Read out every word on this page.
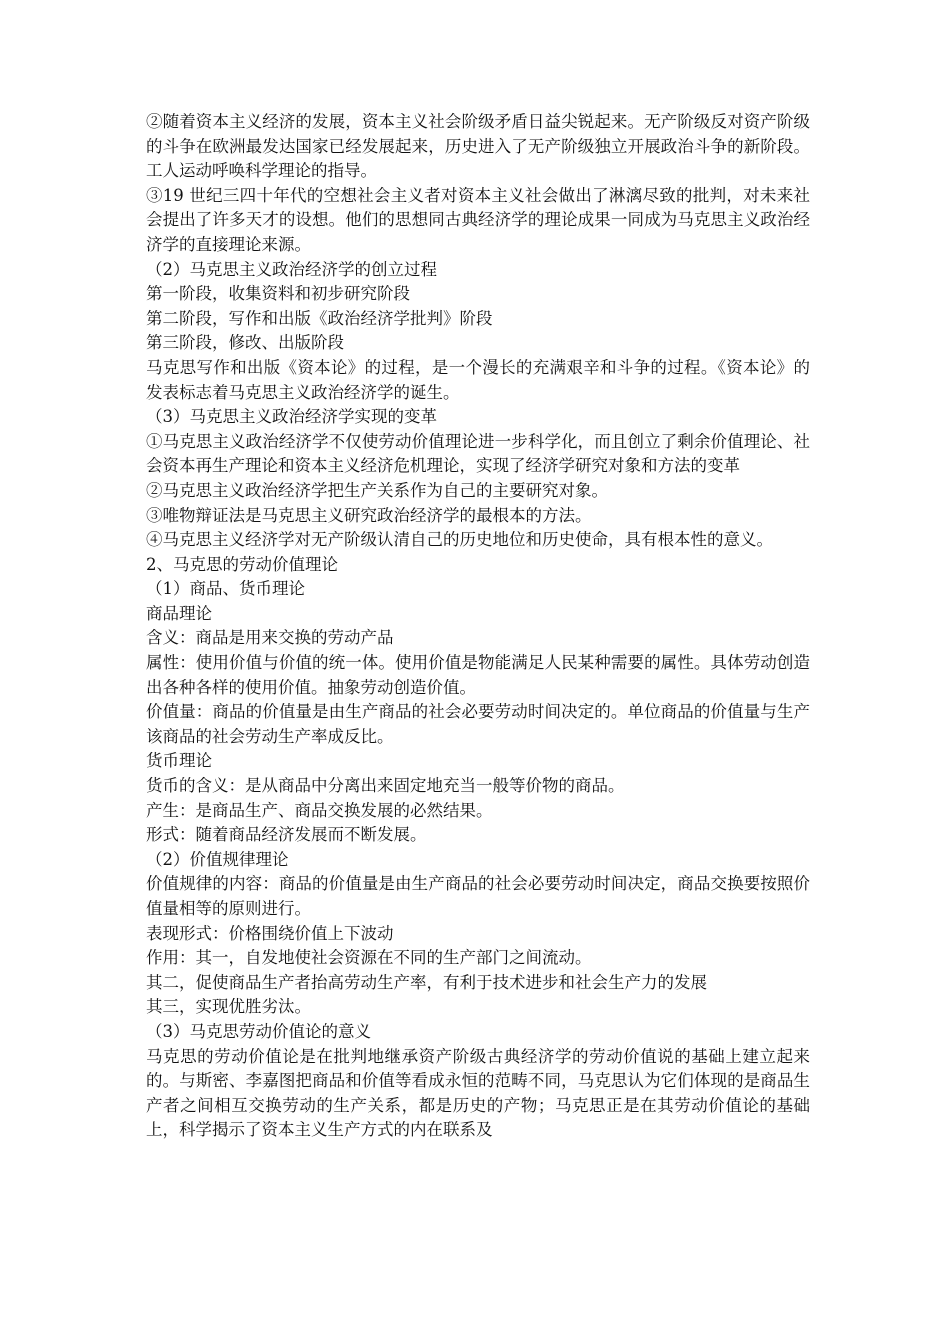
②随着资本主义经济的发展，资本主义社会阶级矛盾日益尖锐起来。无产阶级反对资产阶级的斗争在欧洲最发达国家已经发展起来，历史进入了无产阶级独立开展政治斗争的新阶段。工人运动呼唤科学理论的指导。

③19 世纪三四十年代的空想社会主义者对资本主义社会做出了淋漓尽致的批判，对未来社会提出了许多天才的设想。他们的思想同古典经济学的理论成果一同成为马克思主义政治经济学的直接理论来源。

（2）马克思主义政治经济学的创立过程

第一阶段，收集资料和初步研究阶段

第二阶段，写作和出版《政治经济学批判》阶段

第三阶段，修改、出版阶段

马克思写作和出版《资本论》的过程，是一个漫长的充满艰辛和斗争的过程。《资本论》的发表标志着马克思主义政治经济学的诞生。

（3）马克思主义政治经济学实现的变革

①马克思主义政治经济学不仅使劳动价值理论进一步科学化，而且创立了剩余价值理论、社会资本再生产理论和资本主义经济危机理论，实现了经济学研究对象和方法的变革

②马克思主义政治经济学把生产关系作为自己的主要研究对象。

③唯物辩证法是马克思主义研究政治经济学的最根本的方法。

④马克思主义经济学对无产阶级认清自己的历史地位和历史使命，具有根本性的意义。

2、马克思的劳动价值理论

（1）商品、货币理论

商品理论

含义：商品是用来交换的劳动产品

属性：使用价值与价值的统一体。使用价值是物能满足人民某种需要的属性。具体劳动创造出各种各样的使用价值。抽象劳动创造价值。

价值量：商品的价值量是由生产商品的社会必要劳动时间决定的。单位商品的价值量与生产该商品的社会劳动生产率成反比。

货币理论

货币的含义：是从商品中分离出来固定地充当一般等价物的商品。

产生：是商品生产、商品交换发展的必然结果。

形式：随着商品经济发展而不断发展。

（2）价值规律理论

价值规律的内容：商品的价值量是由生产商品的社会必要劳动时间决定，商品交换要按照价值量相等的原则进行。

表现形式：价格围绕价值上下波动

作用：其一，自发地使社会资源在不同的生产部门之间流动。

其二，促使商品生产者抬高劳动生产率，有利于技术进步和社会生产力的发展

其三，实现优胜劣汰。

（3）马克思劳动价值论的意义

马克思的劳动价值论是在批判地继承资产阶级古典经济学的劳动价值说的基础上建立起来的。与斯密、李嘉图把商品和价值等看成永恒的范畴不同，马克思认为它们体现的是商品生产者之间相互交换劳动的生产关系，都是历史的产物；马克思正是在其劳动价值论的基础上，科学揭示了资本主义生产方式的内在联系及
